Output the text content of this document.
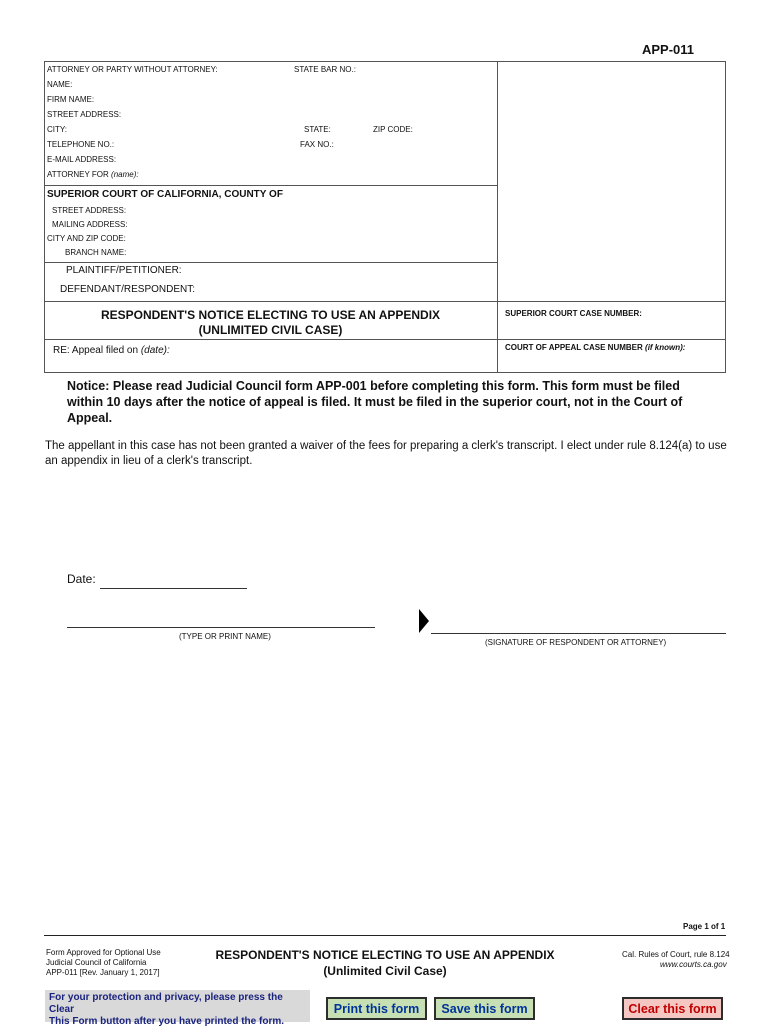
APP-011
ATTORNEY OR PARTY WITHOUT ATTORNEY:	STATE BAR NO.:
NAME:
FIRM NAME:
STREET ADDRESS:
CITY:	STATE:	ZIP CODE:
TELEPHONE NO.:	FAX NO.:
E-MAIL ADDRESS:
ATTORNEY FOR (name):
SUPERIOR COURT OF CALIFORNIA, COUNTY OF
STREET ADDRESS:
MAILING ADDRESS:
CITY AND ZIP CODE:
BRANCH NAME:
PLAINTIFF/PETITIONER:
DEFENDANT/RESPONDENT:
RESPONDENT'S NOTICE ELECTING TO USE AN APPENDIX
(UNLIMITED CIVIL CASE)
SUPERIOR COURT CASE NUMBER:
RE: Appeal filed on (date):	COURT OF APPEAL CASE NUMBER (if known):
Notice: Please read Judicial Council form APP-001 before completing this form. This form must be filed within 10 days after the notice of appeal is filed. It must be filed in the superior court, not in the Court of Appeal.
The appellant in this case has not been granted a waiver of the fees for preparing a clerk's transcript. I elect under rule 8.124(a) to use an appendix in lieu of a clerk's transcript.
Date:
(TYPE OR PRINT NAME)
(SIGNATURE OF RESPONDENT OR ATTORNEY)
Page 1 of 1
Form Approved for Optional Use
Judicial Council of California
APP-011 [Rev. January 1, 2017]
RESPONDENT'S NOTICE ELECTING TO USE AN APPENDIX
(Unlimited Civil Case)
Cal. Rules of Court, rule 8.124
www.courts.ca.gov
For your protection and privacy, please press the Clear
This Form button after you have printed the form.
Print this form	Save this form	Clear this form
